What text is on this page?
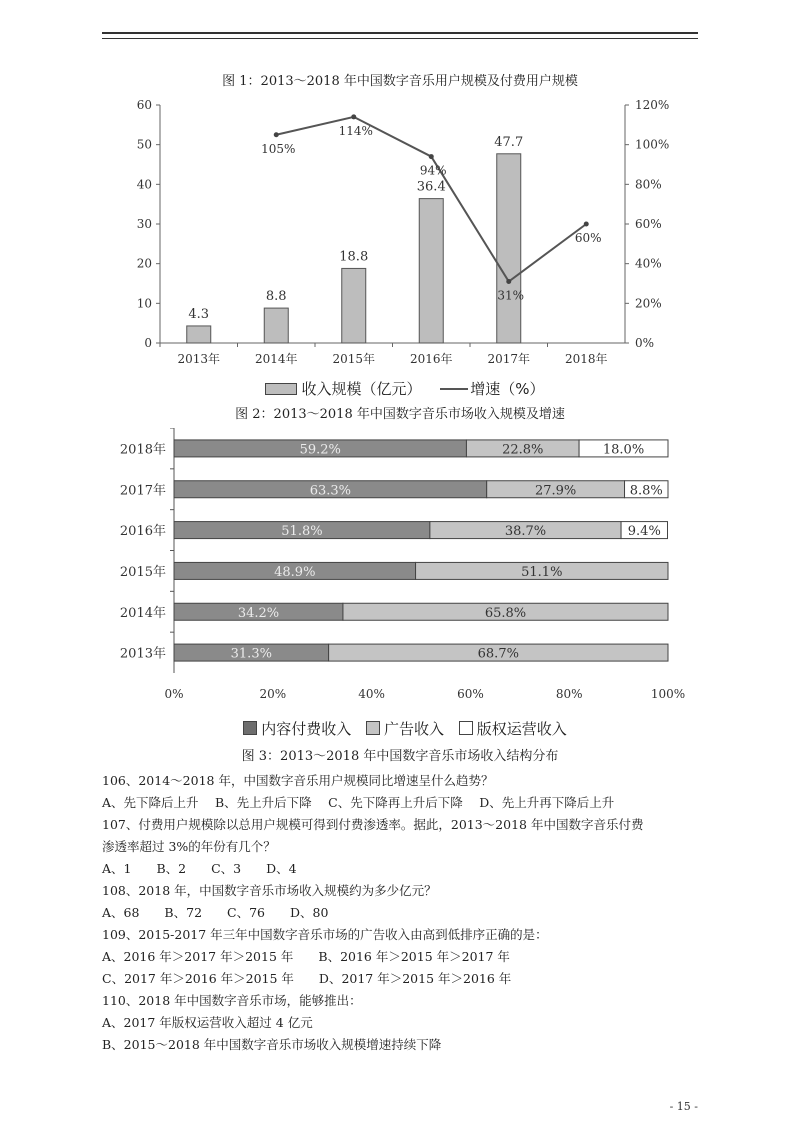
图 1：2013～2018 年中国数字音乐用户规模及付费用户规模
0
10
20
30
40
50
60
0%
20%
40%
60%
80%
100%
120%
2013年	2014年	2015年	2016年	2017年	2018年
4.3
8.8
18.8
36.4
47.7
105%
114%
94%
31%
60%
收入规模（亿元）	增速（%）
图 2：2013～2018 年中国数字音乐市场收入规模及增速
2018年	59.2%	22.8%	18.0%
2017年	63.3%	27.9%	8.8%
2016年	51.8%	38.7%	9.4%
2015年	48.9%	51.1%
2014年	34.2%	65.8%
2013年	31.3%	68.7%
0%	20%	40%	60%	80%	100%
内容付费收入 广告收入 版权运营收入
图 3：2013～2018 年中国数字音乐市场收入结构分布

106、2014～2018 年，中国数字音乐用户规模同比增速呈什么趋势？

A、先下降后上升　 B、先上升后下降　 C、先下降再上升后下降　 D、先上升再下降后上升

107、付费用户规模除以总用户规模可得到付费渗透率。据此，2013～2018 年中国数字音乐付费

渗透率超过 3%的年份有几个？

A、1　　B、2　　C、3　　D、4

108、2018 年，中国数字音乐市场收入规模约为多少亿元？

A、68　　B、72　　C、76　　D、80

109、2015-2017 年三年中国数字音乐市场的广告收入由高到低排序正确的是：

A、2016 年＞2017 年＞2015 年　　B、2016 年＞2015 年＞2017 年

C、2017 年＞2016 年＞2015 年　　D、2017 年＞2015 年＞2016 年

110、2018 年中国数字音乐市场，能够推出：

A、2017 年版权运营收入超过 4 亿元

B、2015～2018 年中国数字音乐市场收入规模增速持续下降

- 15 -
